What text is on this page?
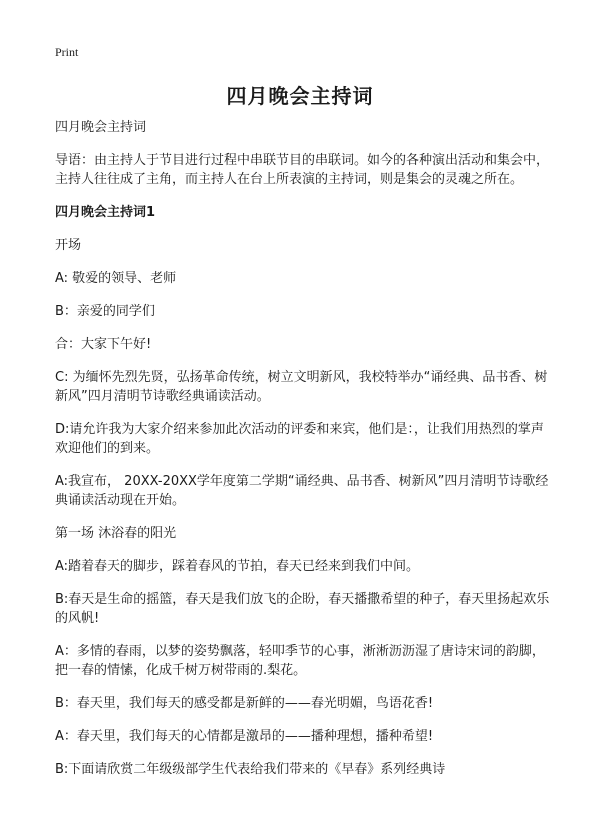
Print
四月晚会主持词

四月晚会主持词

导语：由主持人于节目进行过程中串联节目的串联词。如今的各种演出活动和集会中，主持人往往成了主角，而主持人在台上所表演的主持词，则是集会的灵魂之所在。

四月晚会主持词1

开场

A: 敬爱的领导、老师

B：亲爱的同学们

合：大家下午好!

C: 为缅怀先烈先贤，弘扬革命传统，树立文明新风，我校特举办“诵经典、品书香、树新风”四月清明节诗歌经典诵读活动。

D:请允许我为大家介绍来参加此次活动的评委和来宾，他们是：，让我们用热烈的掌声欢迎他们的到来。

A:我宣布， 20XX-20XX学年度第二学期“诵经典、品书香、树新风”四月清明节诗歌经典诵读活动现在开始。

第一场 沐浴春的阳光

A:踏着春天的脚步，踩着春风的节拍，春天已经来到我们中间。

B:春天是生命的摇篮，春天是我们放飞的企盼，春天播撒希望的种子，春天里扬起欢乐的风帆!

A：多情的春雨，以梦的姿势飘落，轻叩季节的心事，淅淅沥沥湿了唐诗宋词的韵脚，把一春的情愫，化成千树万树带雨的.梨花。

B：春天里，我们每天的感受都是新鲜的——春光明媚，鸟语花香!

A：春天里，我们每天的心情都是激昂的——播种理想，播种希望!

B:下面请欣赏二年级级部学生代表给我们带来的《早春》系列经典诗
